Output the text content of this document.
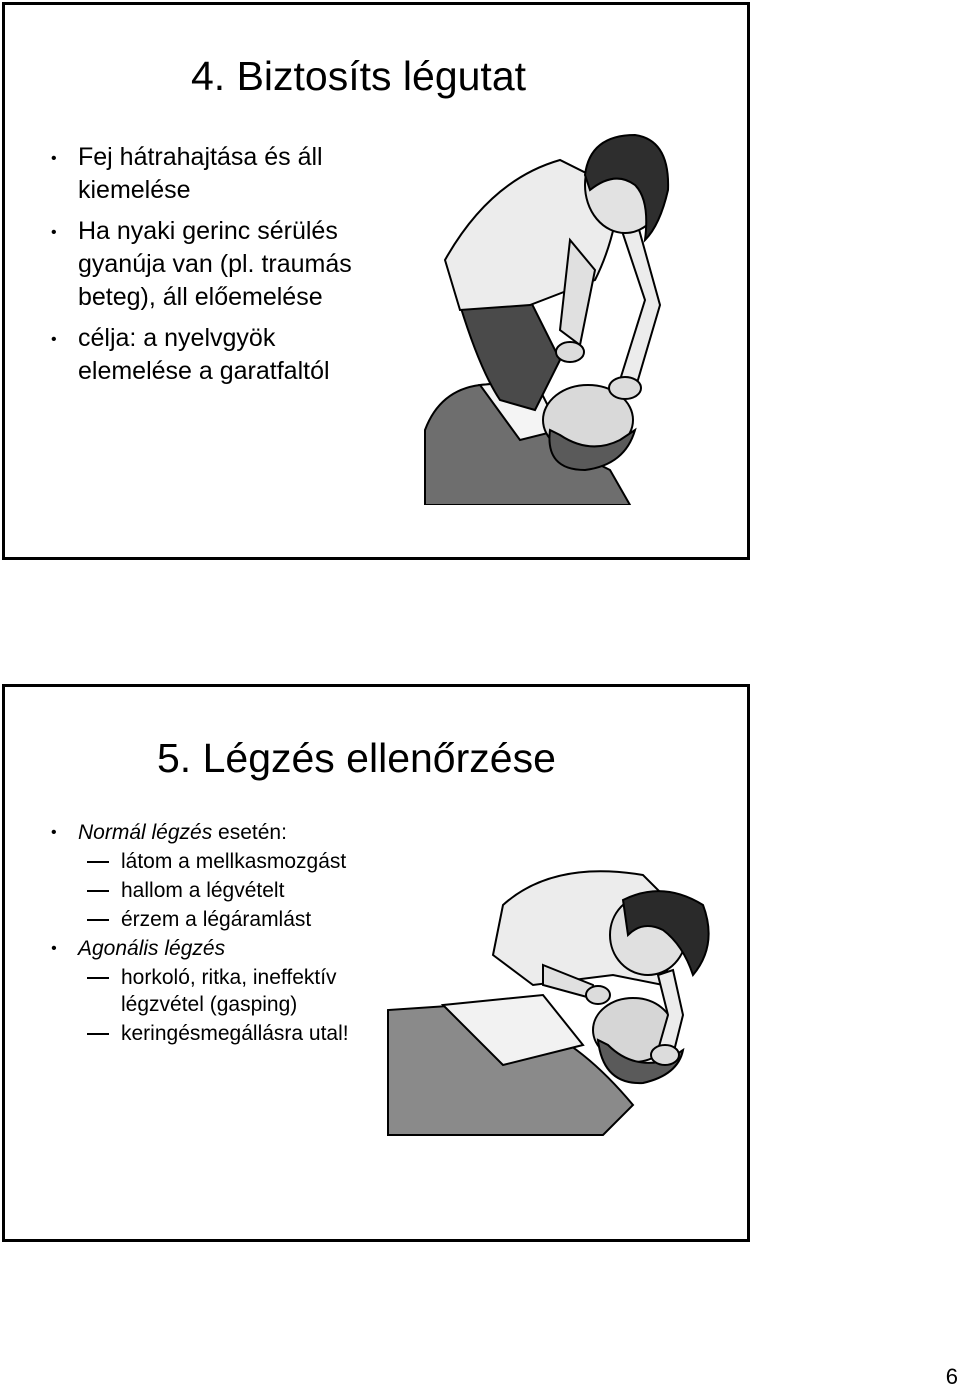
4. Biztosíts légutat
• Fej hátrahajtása és áll kiemelése
• Ha nyaki gerinc sérülés gyanúja van (pl. traumás beteg), áll előemelése
• célja: a nyelvgyök elemelése a garatfaltól
5. Légzés ellenőrzése
• Normál légzés esetén:
látom a mellkasmozgást
hallom a légvételt
érzem a légáramlást
• Agonális légzés
horkoló, ritka, ineffektív légzvétel (gasping)
keringésmegállásra utal!
6
